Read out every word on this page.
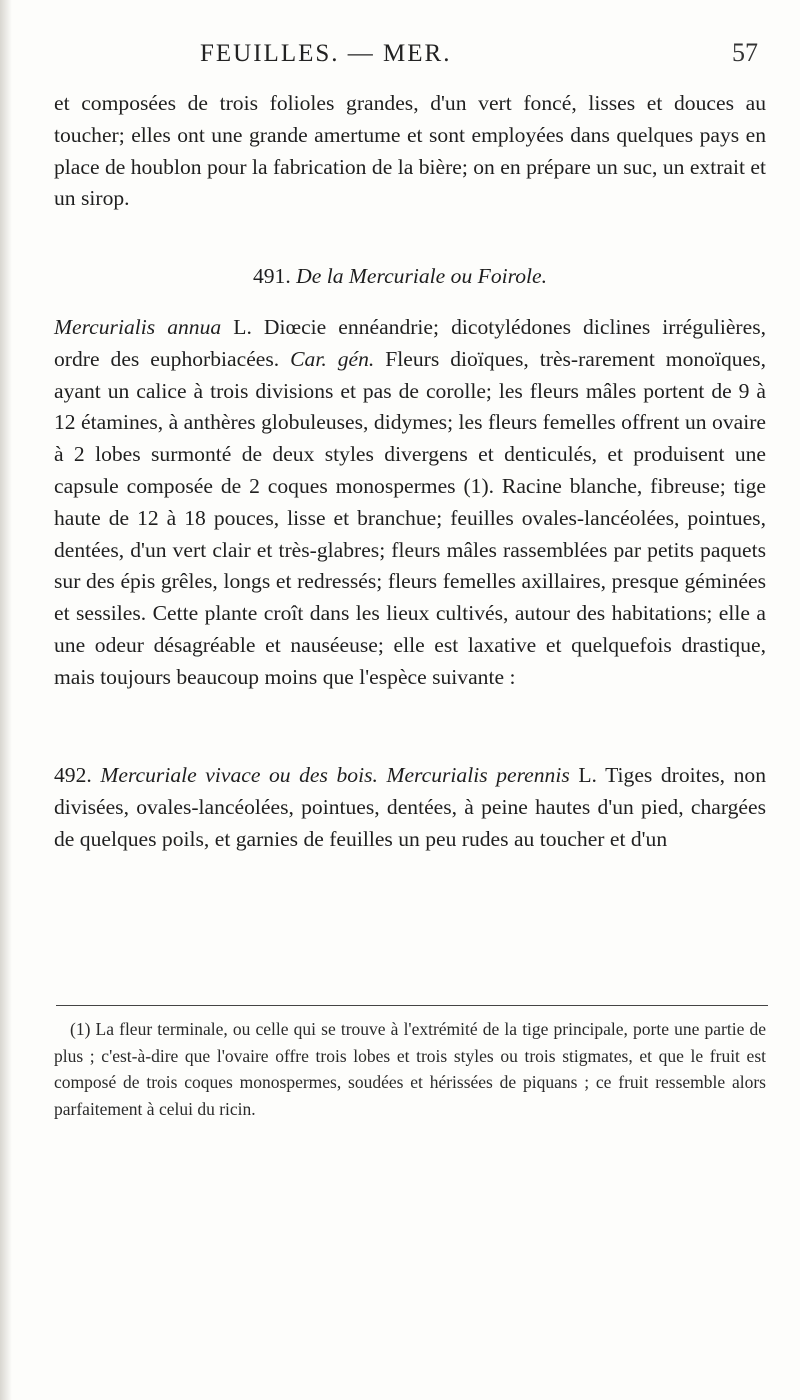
FEUILLES. — MER.	57
et composées de trois folioles grandes, d'un vert foncé, lisses et douces au toucher; elles ont une grande amertume et sont employées dans quelques pays en place de houblon pour la fabrication de la bière; on en prépare un suc, un extrait et un sirop.
491. De la Mercuriale ou Foirole.
Mercurialis annua L. Diœcie ennéandrie; dicotylédones diclines irrégulières, ordre des euphorbiacées. Car. gén. Fleurs dioïques, très-rarement monoïques, ayant un calice à trois divisions et pas de corolle; les fleurs mâles portent de 9 à 12 étamines, à anthères globuleuses, didymes; les fleurs femelles offrent un ovaire à 2 lobes surmonté de deux styles divergens et denticulés, et produisent une capsule composée de 2 coques monospermes (1). Racine blanche, fibreuse; tige haute de 12 à 18 pouces, lisse et branchue; feuilles ovales-lancéolées, pointues, dentées, d'un vert clair et très-glabres; fleurs mâles rassemblées par petits paquets sur des épis grêles, longs et redressés; fleurs femelles axillaires, presque géminées et sessiles. Cette plante croît dans les lieux cultivés, autour des habitations; elle a une odeur désagréable et nauséeuse; elle est laxative et quelquefois drastique, mais toujours beaucoup moins que l'espèce suivante :
492. Mercuriale vivace ou des bois. Mercurialis perennis L. Tiges droites, non divisées, ovales-lancéolées, pointues, dentées, à peine hautes d'un pied, chargées de quelques poils, et garnies de feuilles un peu rudes au toucher et d'un
(1) La fleur terminale, ou celle qui se trouve à l'extrémité de la tige principale, porte une partie de plus ; c'est-à-dire que l'ovaire offre trois lobes et trois styles ou trois stigmates, et que le fruit est composé de trois coques monospermes, soudées et hérissées de piquans ; ce fruit ressemble alors parfaitement à celui du ricin.
